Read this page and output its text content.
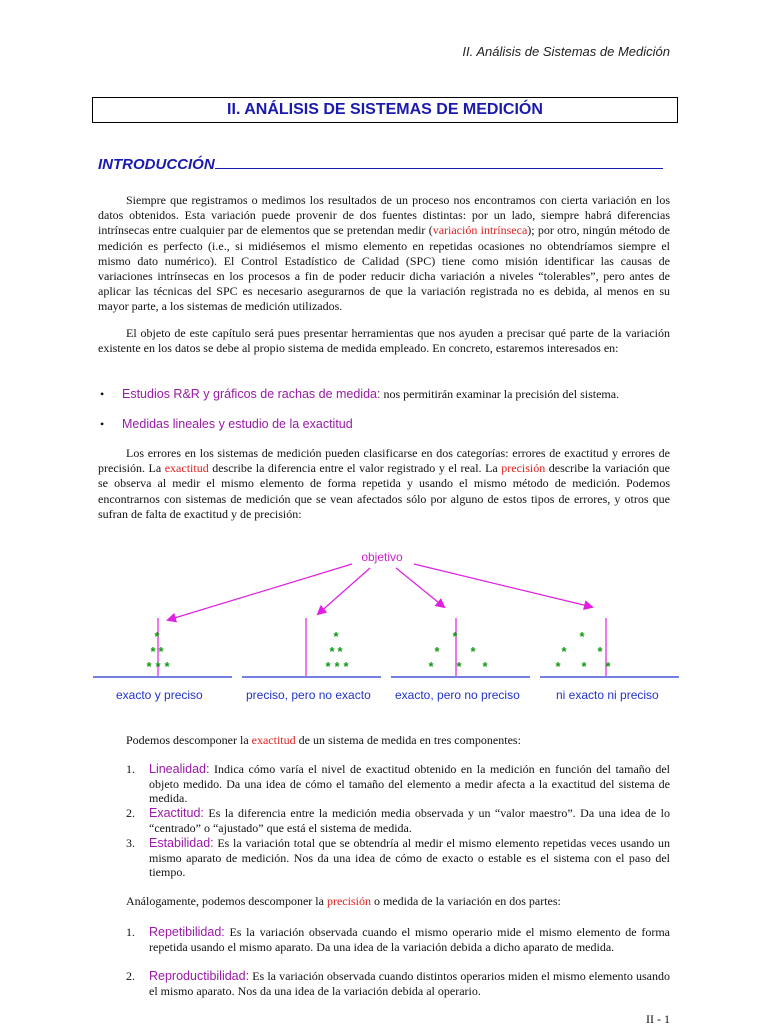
II. Análisis de Sistemas de Medición
II. ANÁLISIS DE SISTEMAS DE MEDICIÓN
INTRODUCCIÓN
Siempre que registramos o medimos los resultados de un proceso nos encontramos con cierta variación en los datos obtenidos. Esta variación puede provenir de dos fuentes distintas: por un lado, siempre habrá diferencias intrínsecas entre cualquier par de elementos que se pretendan medir (variación intrínseca); por otro, ningún método de medición es perfecto (i.e., si midiésemos el mismo elemento en repetidas ocasiones no obtendríamos siempre el mismo dato numérico). El Control Estadístico de Calidad (SPC) tiene como misión identificar las causas de variaciones intrínsecas en los procesos a fin de poder reducir dicha variación a niveles “tolerables”, pero antes de aplicar las técnicas del SPC es necesario asegurarnos de que la variación registrada no es debida, al menos en su mayor parte, a los sistemas de medición utilizados.
El objeto de este capítulo será pues presentar herramientas que nos ayuden a precisar qué parte de la variación existente en los datos se debe al propio sistema de medida empleado. En concreto, estaremos interesados en:
• Estudios R&R y gráficos de rachas de medida: nos permitirán examinar la precisión del sistema.
• Medidas lineales y estudio de la exactitud
Los errores en los sistemas de medición pueden clasificarse en dos categorías: errores de exactitud y errores de precisión. La exactitud describe la diferencia entre el valor registrado y el real. La precisión describe la variación que se observa al medir el mismo elemento de forma repetida y usando el mismo método de medición. Podemos encontrarnos con sistemas de medición que se vean afectados sólo por alguno de estos tipos de errores, y otros que sufran de falta de exactitud y de precisión:
objetivo
*
* *
* * *
*
* *
* * *
*
* *
* * *
*
* *
* * *
exacto y preciso	preciso, pero no exacto exacto, pero no preciso	ni exacto ni preciso
Podemos descomponer la exactitud de un sistema de medida en tres componentes:
1. Linealidad: Indica cómo varía el nivel de exactitud obtenido en la medición en función del tamaño del objeto medido. Da una idea de cómo el tamaño del elemento a medir afecta a la exactitud del sistema de medida.
2. Exactitud: Es la diferencia entre la medición media observada y un “valor maestro”. Da una idea de lo “centrado” o “ajustado” que está el sistema de medida.
3. Estabilidad: Es la variación total que se obtendría al medir el mismo elemento repetidas veces usando un mismo aparato de medición. Nos da una idea de cómo de exacto o estable es el sistema con el paso del tiempo.
Análogamente, podemos descomponer la precisión o medida de la variación en dos partes:
1. Repetibilidad: Es la variación observada cuando el mismo operario mide el mismo elemento de forma repetida usando el mismo aparato. Da una idea de la variación debida a dicho aparato de medida.
2. Reproductibilidad: Es la variación observada cuando distintos operarios miden el mismo elemento usando el mismo aparato. Nos da una idea de la variación debida al operario.
II - 1
